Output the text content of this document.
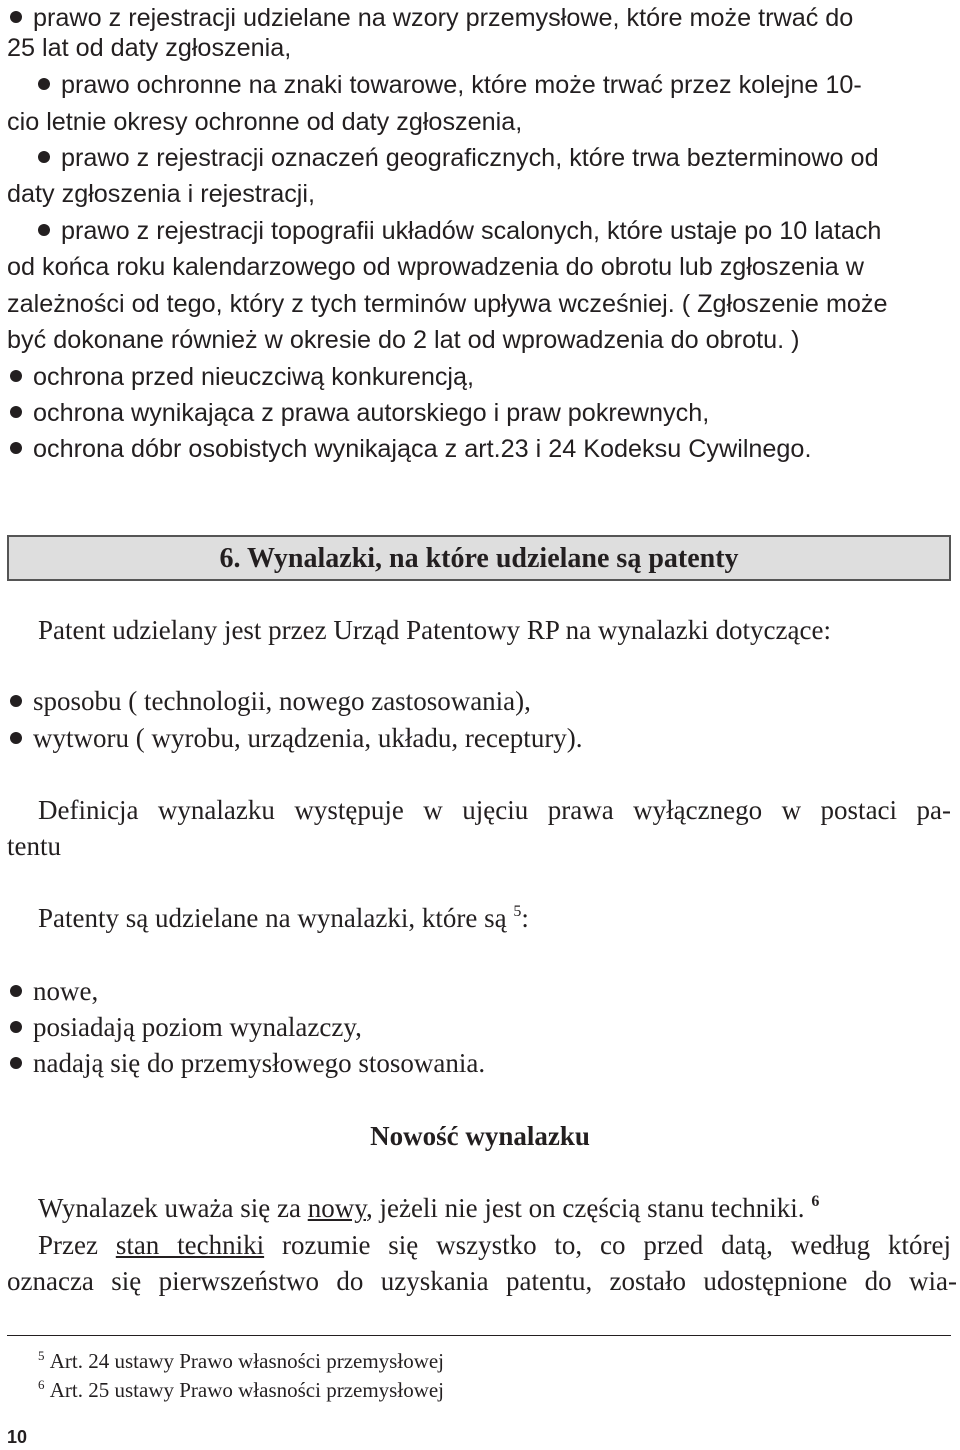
prawo z rejestracji udzielane na wzory przemysłowe, które może trwać do
25 lat od daty zgłoszenia,
prawo ochronne na znaki towarowe, które może trwać przez kolejne 10-
cio letnie okresy ochronne od daty zgłoszenia,
prawo z rejestracji oznaczeń geograficznych, które trwa bezterminowo od
daty zgłoszenia i rejestracji,
prawo z rejestracji topografii układów scalonych, które ustaje po 10 latach
od końca roku kalendarzowego od wprowadzenia do obrotu lub zgłoszenia w
zależności od tego, który z tych terminów upływa wcześniej. ( Zgłoszenie może
być dokonane również w okresie do 2 lat od wprowadzenia do obrotu. )
ochrona przed nieuczciwą konkurencją,
ochrona wynikająca z prawa autorskiego i praw pokrewnych,
ochrona dóbr osobistych wynikająca z art.23 i 24 Kodeksu Cywilnego.
6. Wynalazki, na które udzielane są patenty
Patent udzielany jest przez Urząd Patentowy RP na wynalazki dotyczące:
sposobu ( technologii, nowego zastosowania),
wytworu ( wyrobu, urządzenia, układu, receptury).
Definicja wynalazku występuje w ujęciu prawa wyłącznego w postaci pa-
tentu
Patenty są udzielane na wynalazki, które są $^5$:
nowe,
posiadają poziom wynalazczy,
nadają się do przemysłowego stosowania.
Nowość wynalazku
Wynalazek uważa się za nowy, jeżeli nie jest on częścią stanu techniki. $^6$
Przez stan techniki rozumie się wszystko to, co przed datą, według której
oznacza się pierwszeństwo do uzyskania patentu, zostało udostępnione do wia-
$^5$ Art. 24 ustawy Prawo własności przemysłowej
$^6$ Art. 25 ustawy Prawo własności przemysłowej
10
